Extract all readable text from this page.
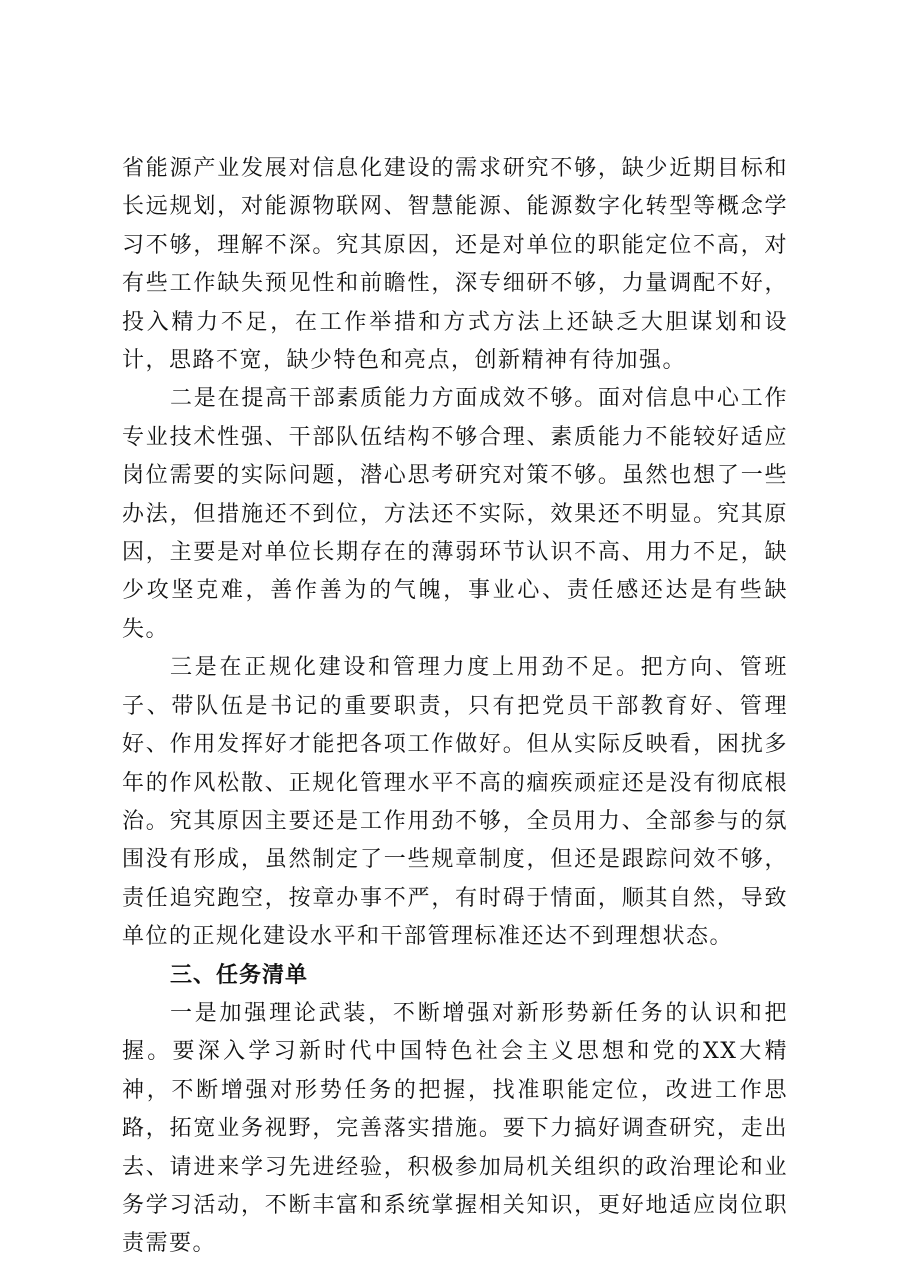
省能源产业发展对信息化建设的需求研究不够，缺少近期目标和长远规划，对能源物联网、智慧能源、能源数字化转型等概念学习不够，理解不深。究其原因，还是对单位的职能定位不高，对有些工作缺失预见性和前瞻性，深专细研不够，力量调配不好，投入精力不足，在工作举措和方式方法上还缺乏大胆谋划和设计，思路不宽，缺少特色和亮点，创新精神有待加强。

二是在提高干部素质能力方面成效不够。面对信息中心工作专业技术性强、干部队伍结构不够合理、素质能力不能较好适应岗位需要的实际问题，潜心思考研究对策不够。虽然也想了一些办法，但措施还不到位，方法还不实际，效果还不明显。究其原因，主要是对单位长期存在的薄弱环节认识不高、用力不足，缺少攻坚克难，善作善为的气魄，事业心、责任感还达是有些缺失。

三是在正规化建设和管理力度上用劲不足。把方向、管班子、带队伍是书记的重要职责，只有把党员干部教育好、管理好、作用发挥好才能把各项工作做好。但从实际反映看，困扰多年的作风松散、正规化管理水平不高的痼疾顽症还是没有彻底根治。究其原因主要还是工作用劲不够，全员用力、全部参与的氛围没有形成，虽然制定了一些规章制度，但还是跟踪问效不够，责任追究跑空，按章办事不严，有时碍于情面，顺其自然，导致单位的正规化建设水平和干部管理标准还达不到理想状态。

三、任务清单

一是加强理论武装，不断增强对新形势新任务的认识和把握。要深入学习新时代中国特色社会主义思想和党的XX大精神，不断增强对形势任务的把握，找准职能定位，改进工作思路，拓宽业务视野，完善落实措施。要下力搞好调查研究，走出去、请进来学习先进经验，积极参加局机关组织的政治理论和业务学习活动，不断丰富和系统掌握相关知识，更好地适应岗位职责需要。
